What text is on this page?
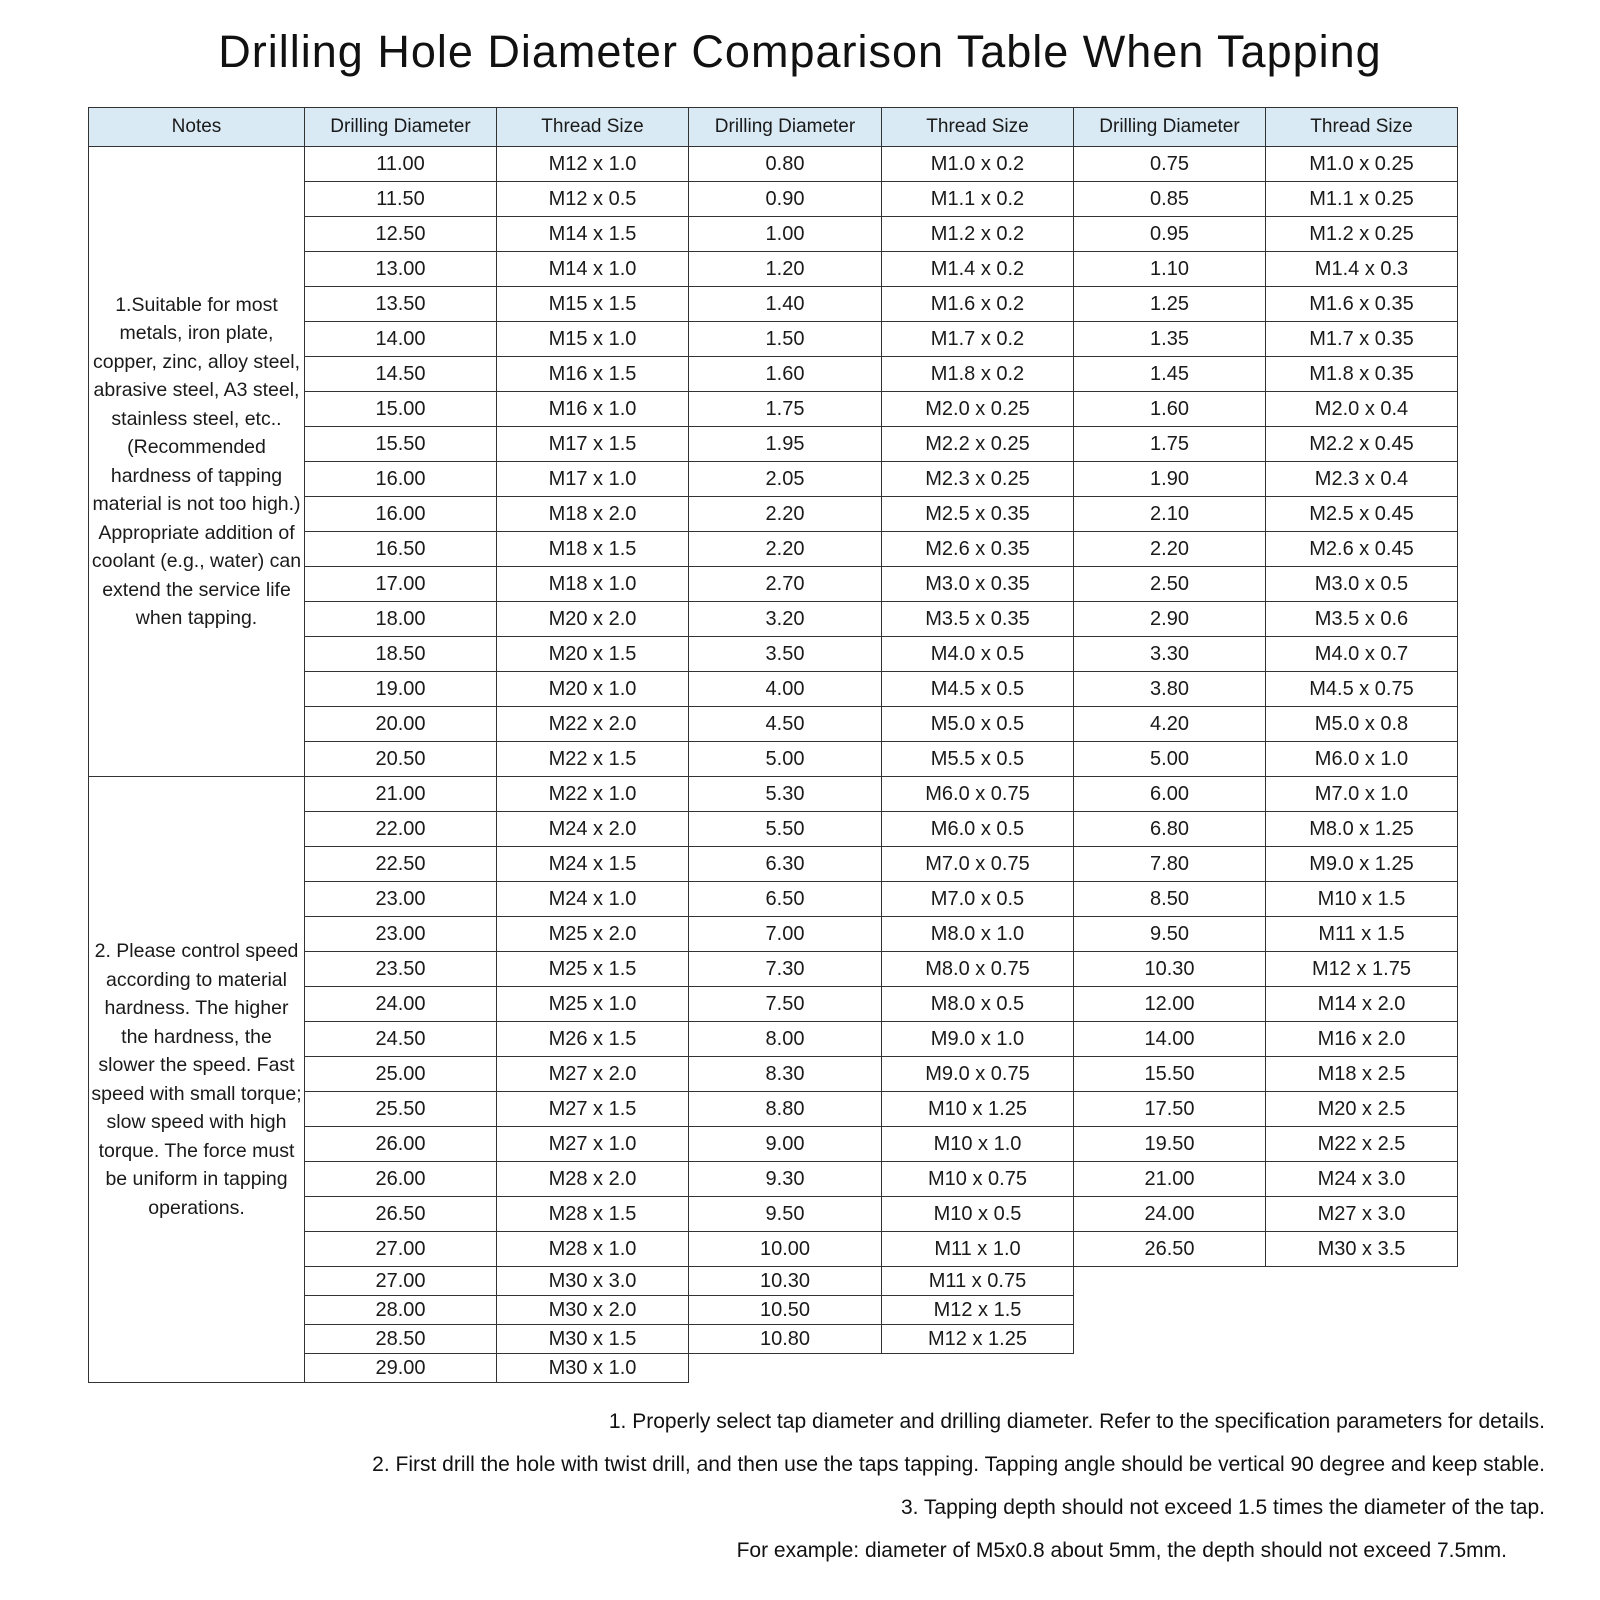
Drilling Hole Diameter Comparison Table When Tapping
Notes	Drilling Diameter	Thread Size	Drilling Diameter	Thread Size	Drilling Diameter	Thread Size
1.Suitable for most metals, iron plate, copper, zinc, alloy steel, abrasive steel, A3 steel, stainless steel, etc..(Recommended hardness of tapping material is not too high.) Appropriate addition of coolant (e.g., water) can extend the service life when tapping.	11.00	M12 x 1.0	0.80	M1.0 x 0.2	0.75	M1.0 x 0.25
	11.50	M12 x 0.5	0.90	M1.1 x 0.2	0.85	M1.1 x 0.25
	12.50	M14 x 1.5	1.00	M1.2 x 0.2	0.95	M1.2 x 0.25
	13.00	M14 x 1.0	1.20	M1.4 x 0.2	1.10	M1.4 x 0.3
	13.50	M15 x 1.5	1.40	M1.6 x 0.2	1.25	M1.6 x 0.35
	14.00	M15 x 1.0	1.50	M1.7 x 0.2	1.35	M1.7 x 0.35
	14.50	M16 x 1.5	1.60	M1.8 x 0.2	1.45	M1.8 x 0.35
	15.00	M16 x 1.0	1.75	M2.0 x 0.25	1.60	M2.0 x 0.4
	15.50	M17 x 1.5	1.95	M2.2 x 0.25	1.75	M2.2 x 0.45
	16.00	M17 x 1.0	2.05	M2.3 x 0.25	1.90	M2.3 x 0.4
	16.00	M18 x 2.0	2.20	M2.5 x 0.35	2.10	M2.5 x 0.45
	16.50	M18 x 1.5	2.20	M2.6 x 0.35	2.20	M2.6 x 0.45
	17.00	M18 x 1.0	2.70	M3.0 x 0.35	2.50	M3.0 x 0.5
	18.00	M20 x 2.0	3.20	M3.5 x 0.35	2.90	M3.5 x 0.6
	18.50	M20 x 1.5	3.50	M4.0 x 0.5	3.30	M4.0 x 0.7
	19.00	M20 x 1.0	4.00	M4.5 x 0.5	3.80	M4.5 x 0.75
	20.00	M22 x 2.0	4.50	M5.0 x 0.5	4.20	M5.0 x 0.8
	20.50	M22 x 1.5	5.00	M5.5 x 0.5	5.00	M6.0 x 1.0
2. Please control speed according to material hardness. The higher the hardness, the slower the speed. Fast speed with small torque; slow speed with high torque. The force must be uniform in tapping operations.	21.00	M22 x 1.0	5.30	M6.0 x 0.75	6.00	M7.0 x 1.0
	22.00	M24 x 2.0	5.50	M6.0 x 0.5	6.80	M8.0 x 1.25
	22.50	M24 x 1.5	6.30	M7.0 x 0.75	7.80	M9.0 x 1.25
	23.00	M24 x 1.0	6.50	M7.0 x 0.5	8.50	M10 x 1.5
	23.00	M25 x 2.0	7.00	M8.0 x 1.0	9.50	M11 x 1.5
	23.50	M25 x 1.5	7.30	M8.0 x 0.75	10.30	M12 x 1.75
	24.00	M25 x 1.0	7.50	M8.0 x 0.5	12.00	M14 x 2.0
	24.50	M26 x 1.5	8.00	M9.0 x 1.0	14.00	M16 x 2.0
	25.00	M27 x 2.0	8.30	M9.0 x 0.75	15.50	M18 x 2.5
	25.50	M27 x 1.5	8.80	M10 x 1.25	17.50	M20 x 2.5
	26.00	M27 x 1.0	9.00	M10 x 1.0	19.50	M22 x 2.5
	26.00	M28 x 2.0	9.30	M10 x 0.75	21.00	M24 x 3.0
	26.50	M28 x 1.5	9.50	M10 x 0.5	24.00	M27 x 3.0
	27.00	M28 x 1.0	10.00	M11 x 1.0	26.50	M30 x 3.5
	27.00	M30 x 3.0	10.30	M11 x 0.75		
	28.00	M30 x 2.0	10.50	M12 x 1.5		
	28.50	M30 x 1.5	10.80	M12 x 1.25		
	29.00	M30 x 1.0				
1. Properly select tap diameter and drilling diameter. Refer to the specification parameters for details.
2. First drill the hole with twist drill, and then use the taps tapping. Tapping angle should be vertical 90 degree and keep stable.
3. Tapping depth should not exceed 1.5 times the diameter of the tap.
For example: diameter of M5x0.8 about 5mm, the depth should not exceed 7.5mm.
